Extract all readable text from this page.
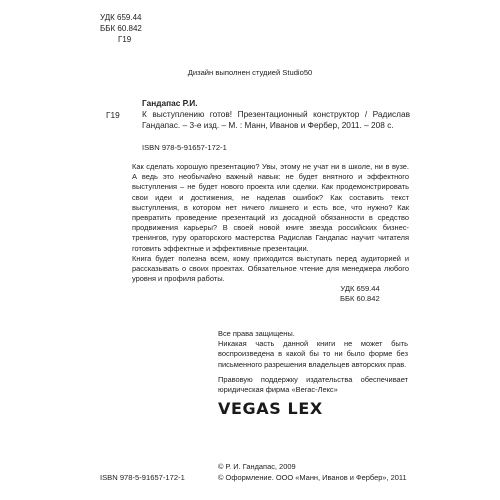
УДК 659.44
ББК 60.842
Г19
Дизайн выполнен студией Studio50
Г19
Гандапас Р.И.
К выступлению готов! Презентационный конструктор / Радислав Гандапас. – 3-е изд. – М. : Манн, Иванов и Фербер, 2011. – 208 с.
ISBN 978-5-91657-172-1
Как сделать хорошую презентацию? Увы, этому не учат ни в школе, ни в вузе. А ведь это необычайно важный навык: не будет внятного и эффектного выступления – не будет нового проекта или сделки. Как продемонстрировать свои идеи и достижения, не наделав ошибок? Как составить текст выступления, в котором нет ничего лишнего и есть все, что нужно? Как превратить проведение презентаций из досадной обязанности в средство продвижения карьеры? В своей новой книге звезда российских бизнес-тренингов, гуру ораторского мастерства Радислав Гандапас научит читателя готовить эффектные и эффективные презентации.
Книга будет полезна всем, кому приходится выступать перед аудиторией и рассказывать о своих проектах. Обязательное чтение для менеджера любого уровня и профиля работы.
УДК 659.44
ББК 60.842
Все права защищены.
Никакая часть данной книги не может быть воспроизведена в какой бы то ни было форме без письменного разрешения владельцев авторских прав.
Правовую поддержку издательства обеспечивает юридическая фирма «Вегас-Лекс»
VEGAS LEX
ISBN 978-5-91657-172-1
© Р. И. Гандапас, 2009
© Оформление. ООО «Манн, Иванов и Фербер», 2011
